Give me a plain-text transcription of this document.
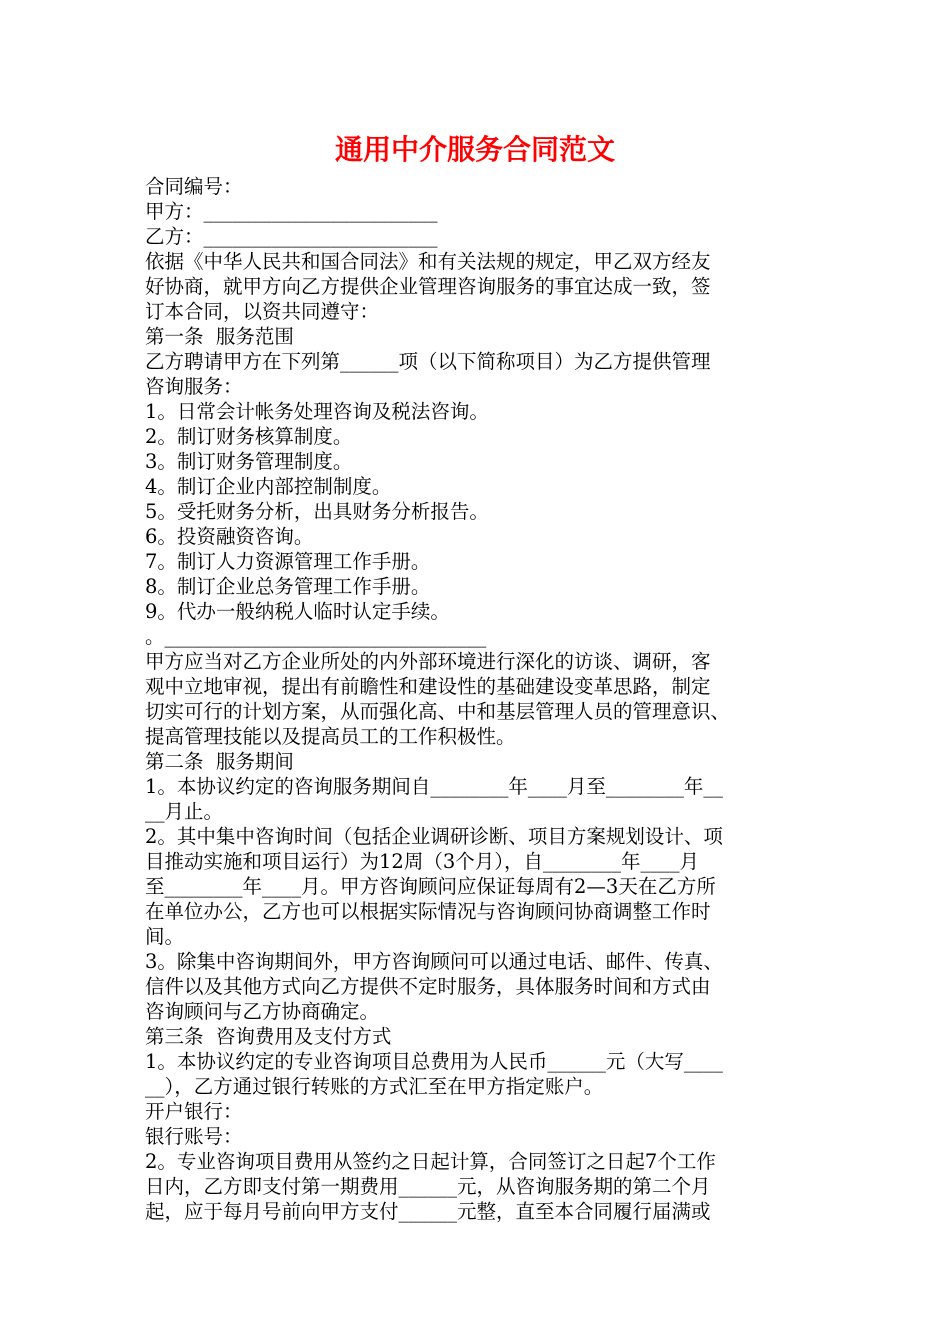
通用中介服务合同范文
合同编号：
甲方：________________________
乙方：________________________
依据《中华人民共和国合同法》和有关法规的规定，甲乙双方经友
好协商，就甲方向乙方提供企业管理咨询服务的事宜达成一致，签
订本合同，以资共同遵守：
第一条  服务范围
乙方聘请甲方在下列第______项（以下简称项目）为乙方提供管理
咨询服务：
1。日常会计帐务处理咨询及税法咨询。
2。制订财务核算制度。
3。制订财务管理制度。
4。制订企业内部控制制度。
5。受托财务分析，出具财务分析报告。
6。投资融资咨询。
7。制订人力资源管理工作手册。
8。制订企业总务管理工作手册。
9。代办一般纳税人临时认定手续。
。_________________________________
甲方应当对乙方企业所处的内外部环境进行深化的访谈、调研，客
观中立地审视，提出有前瞻性和建设性的基础建设变革思路，制定
切实可行的计划方案，从而强化高、中和基层管理人员的管理意识、
提高管理技能以及提高员工的工作积极性。
第二条  服务期间
1。本协议约定的咨询服务期间自________年____月至________年__
__月止。
2。其中集中咨询时间（包括企业调研诊断、项目方案规划设计、项
目推动实施和项目运行）为12周（3个月），自________年____月
至________年____月。甲方咨询顾问应保证每周有2—3天在乙方所
在单位办公，乙方也可以根据实际情况与咨询顾问协商调整工作时
间。
3。除集中咨询期间外，甲方咨询顾问可以通过电话、邮件、传真、
信件以及其他方式向乙方提供不定时服务，具体服务时间和方式由
咨询顾问与乙方协商确定。
第三条  咨询费用及支付方式
1。本协议约定的专业咨询项目总费用为人民币______元（大写____
__），乙方通过银行转账的方式汇至在甲方指定账户。
开户银行：
银行账号：
2。专业咨询项目费用从签约之日起计算，合同签订之日起7个工作
日内，乙方即支付第一期费用______元，从咨询服务期的第二个月
起，应于每月号前向甲方支付______元整，直至本合同履行届满或
